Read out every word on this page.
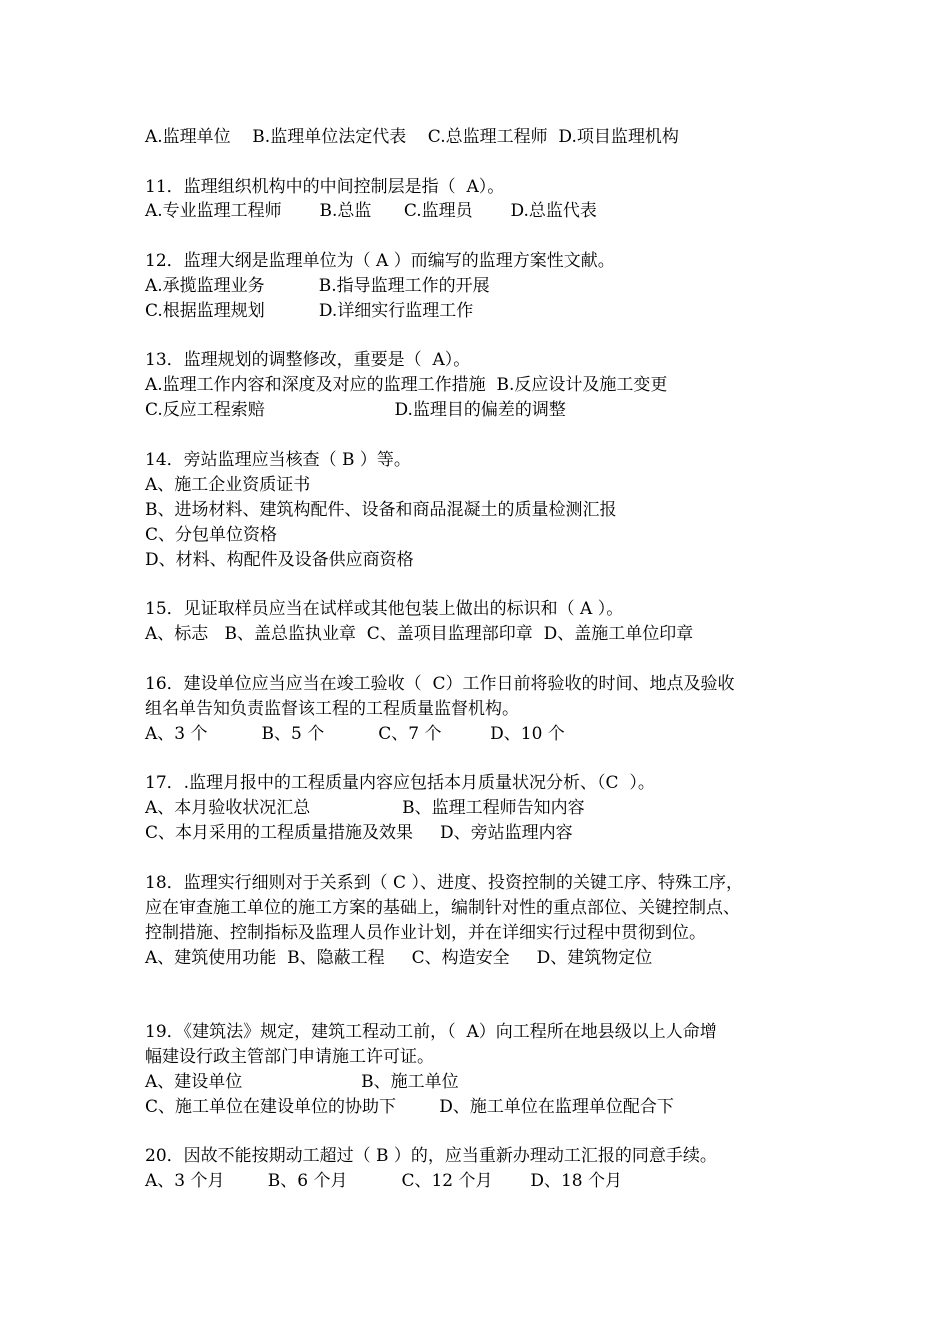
A.监理单位    B.监理单位法定代表    C.总监理工程师  D.项目监理机构
11．监理组织机构中的中间控制层是指（  A）。
A.专业监理工程师       B.总监      C.监理员       D.总监代表
12．监理大纲是监理单位为（ A ）而编写的监理方案性文献。
A.承揽监理业务          B.指导监理工作的开展
C.根据监理规划          D.详细实行监理工作
13．监理规划的调整修改，重要是（  A）。
A.监理工作内容和深度及对应的监理工作措施  B.反应设计及施工变更
C.反应工程索赔                        D.监理目的偏差的调整
14．旁站监理应当核查（ B ）等。
A、施工企业资质证书
B、进场材料、建筑构配件、设备和商品混凝土的质量检测汇报
C、分包单位资格
D、材料、构配件及设备供应商资格
15．见证取样员应当在试样或其他包装上做出的标识和（ A ）。
A、标志   B、盖总监执业章  C、盖项目监理部印章  D、盖施工单位印章
16．建设单位应当应当在竣工验收（  C）工作日前将验收的时间、地点及验收
组名单告知负责监督该工程的工程质量监督机构。
A、3 个          B、5 个          C、7 个         D、10 个
17．.监理月报中的工程质量内容应包括本月质量状况分析、（C  ）。
A、本月验收状况汇总                 B、监理工程师告知内容
C、本月采用的工程质量措施及效果     D、旁站监理内容
18．监理实行细则对于关系到（ C ）、进度、投资控制的关键工序、特殊工序，
应在审查施工单位的施工方案的基础上，编制针对性的重点部位、关键控制点、
控制措施、控制指标及监理人员作业计划，并在详细实行过程中贯彻到位。
A、建筑使用功能  B、隐蔽工程     C、构造安全     D、建筑物定位
19．《建筑法》规定，建筑工程动工前，（  A）向工程所在地县级以上人命增
幅建设行政主管部门申请施工许可证。
A、建设单位                      B、施工单位
C、施工单位在建设单位的协助下        D、施工单位在监理单位配合下
20．因故不能按期动工超过（ B ）的，应当重新办理动工汇报的同意手续。
A、3 个月        B、6 个月          C、12 个月       D、18 个月
